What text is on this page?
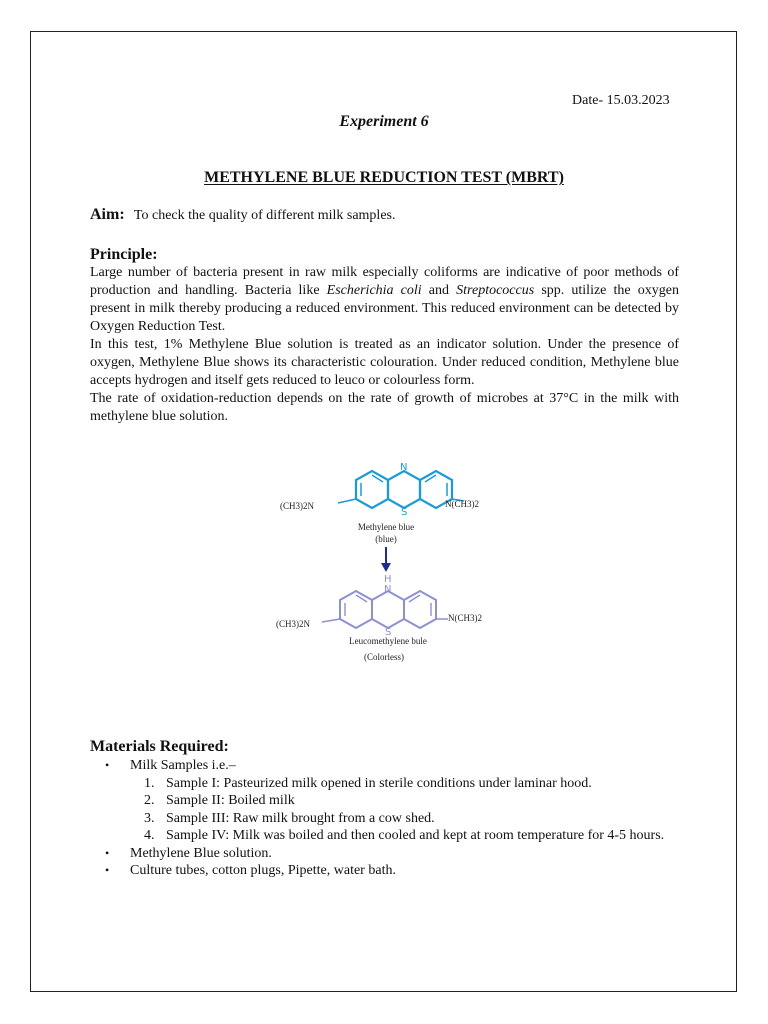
Date- 15.03.2023
Experiment 6
METHYLENE BLUE REDUCTION TEST (MBRT)
Aim: To check the quality of different milk samples.
Principle:

Large number of bacteria present in raw milk especially coliforms are indicative of poor methods of production and handling. Bacteria like Escherichia coli and Streptococcus spp. utilize the oxygen present in milk thereby producing a reduced environment. This reduced environment can be detected by Oxygen Reduction Test.

In this test, 1% Methylene Blue solution is treated as an indicator solution. Under the presence of oxygen, Methylene Blue shows its characteristic colouration. Under reduced condition, Methylene blue accepts hydrogen and itself gets reduced to leuco or colourless form.

The rate of oxidation-reduction depends on the rate of growth of microbes at 37°C in the milk with methylene blue solution.

N
S
(CH3)2N	N(CH3)2
Methylene blue
(blue)
H
N
S
(CH3)2N
N(CH3)2
Leucomethylene bule
(Colorless)
Materials Required:
• Milk Samples i.e.–
1. Sample I: Pasteurized milk opened in sterile conditions under laminar hood.
2. Sample II: Boiled milk
3. Sample III: Raw milk brought from a cow shed.
4. Sample IV: Milk was boiled and then cooled and kept at room temperature for 4-5 hours.
• Methylene Blue solution.
• Culture tubes, cotton plugs, Pipette, water bath.
